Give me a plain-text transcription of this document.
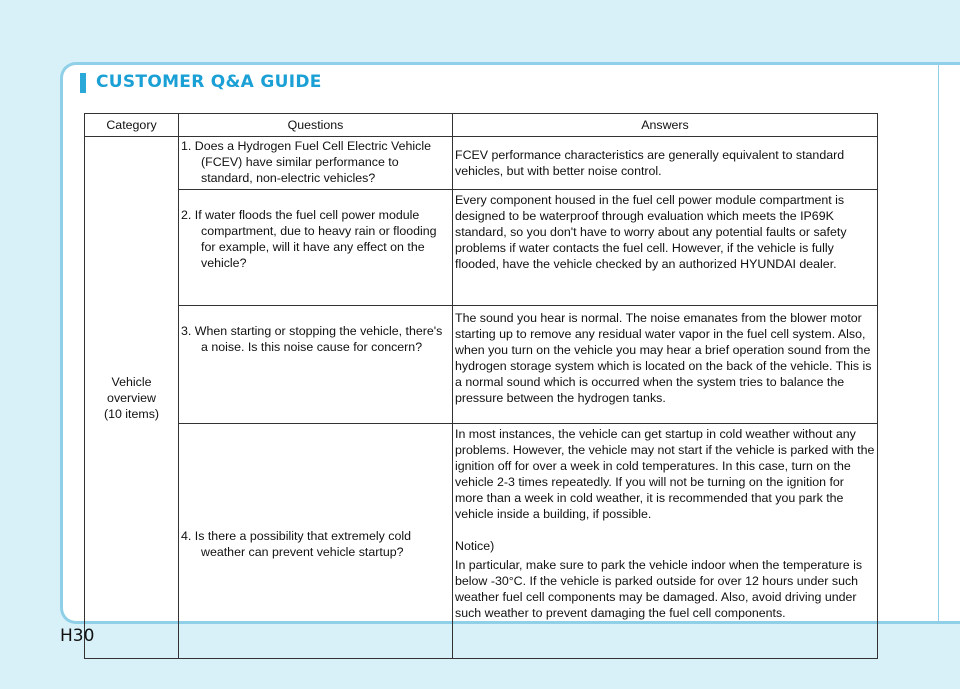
CUSTOMER Q&A GUIDE
Category	Questions	Answers

Vehicle
overview
(10 items)	1. Does a Hydrogen Fuel Cell Electric Vehicle (FCEV) have similar performance to standard, non-electric vehicles?	FCEV performance characteristics are generally equivalent to standard vehicles, but with better noise control.

	2. If water floods the fuel cell power module compartment, due to heavy rain or flooding for example, will it have any effect on the vehicle?	Every component housed in the fuel cell power module compartment is designed to be waterproof through evaluation which meets the IP69K standard, so you don't have to worry about any potential faults or safety problems if water contacts the fuel cell. However, if the vehicle is fully flooded, have the vehicle checked by an authorized HYUNDAI dealer.

	3. When starting or stopping the vehicle, there's a noise. Is this noise cause for concern?	The sound you hear is normal. The noise emanates from the blower motor starting up to remove any residual water vapor in the fuel cell system. Also, when you turn on the vehicle you may hear a brief operation sound from the hydrogen storage system which is located on the back of the vehicle. This is a normal sound which is occurred when the system tries to balance the pressure between the hydrogen tanks.

	4. Is there a possibility that extremely cold weather can prevent vehicle startup?	In most instances, the vehicle can get startup in cold weather without any problems. However, the vehicle may not start if the vehicle is parked with the ignition off for over a week in cold temperatures. In this case, turn on the vehicle 2-3 times repeatedly. If you will not be turning on the ignition for more than a week in cold weather, it is recommended that you park the vehicle inside a building, if possible.
Notice)
In particular, make sure to park the vehicle indoor when the temperature is below -30°C. If the vehicle is parked outside for over 12 hours under such weather fuel cell components may be damaged. Also, avoid driving under such weather to prevent damaging the fuel cell components.
H30
